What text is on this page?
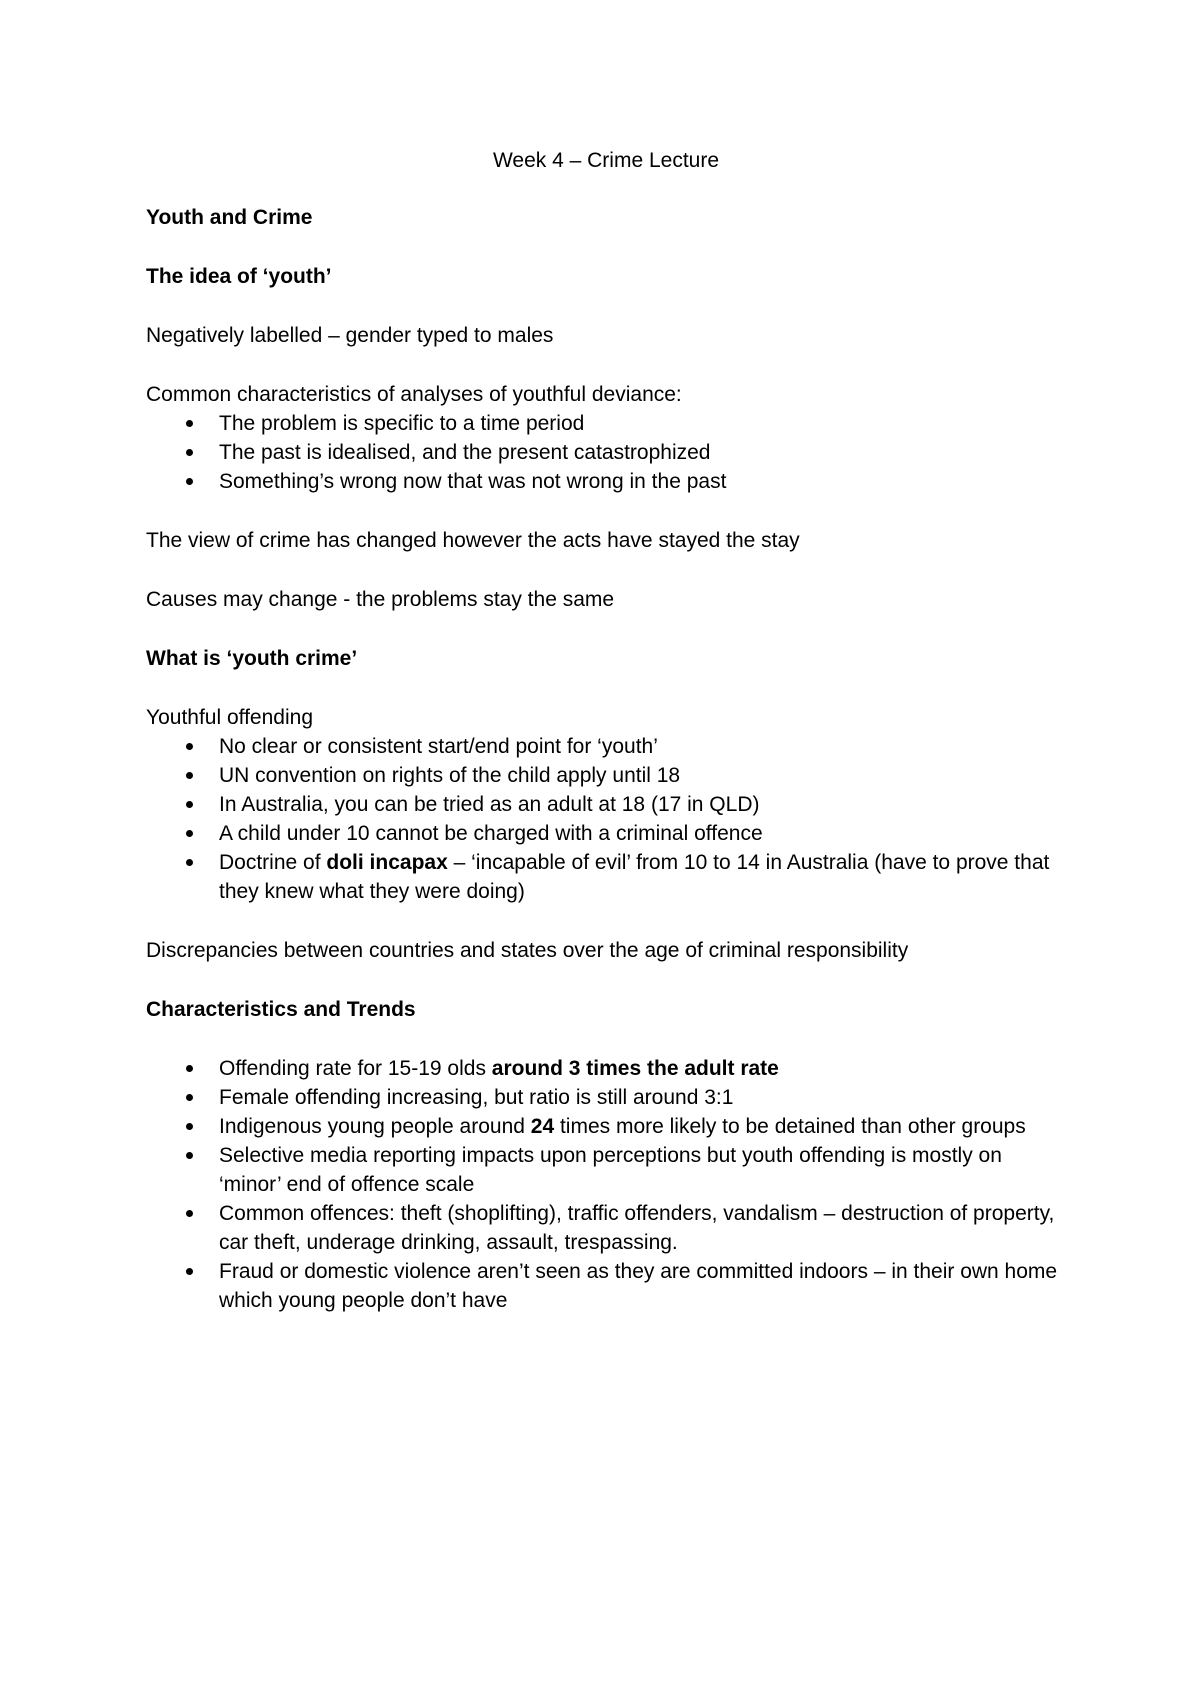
Week 4 – Crime Lecture
Youth and Crime
The idea of ‘youth’
Negatively labelled – gender typed to males
Common characteristics of analyses of youthful deviance:
The problem is specific to a time period
The past is idealised, and the present catastrophized
Something’s wrong now that was not wrong in the past
The view of crime has changed however the acts have stayed the stay
Causes may change - the problems stay the same
What is ‘youth crime’
Youthful offending
No clear or consistent start/end point for ‘youth’
UN convention on rights of the child apply until 18
In Australia, you can be tried as an adult at 18 (17 in QLD)
A child under 10 cannot be charged with a criminal offence
Doctrine of doli incapax – ‘incapable of evil’ from 10 to 14 in Australia (have to prove that they knew what they were doing)
Discrepancies between countries and states over the age of criminal responsibility
Characteristics and Trends
Offending rate for 15-19 olds around 3 times the adult rate
Female offending increasing, but ratio is still around 3:1
Indigenous young people around 24 times more likely to be detained than other groups
Selective media reporting impacts upon perceptions but youth offending is mostly on ‘minor’ end of offence scale
Common offences: theft (shoplifting), traffic offenders, vandalism – destruction of property, car theft, underage drinking, assault, trespassing.
Fraud or domestic violence aren’t seen as they are committed indoors – in their own home which young people don’t have
